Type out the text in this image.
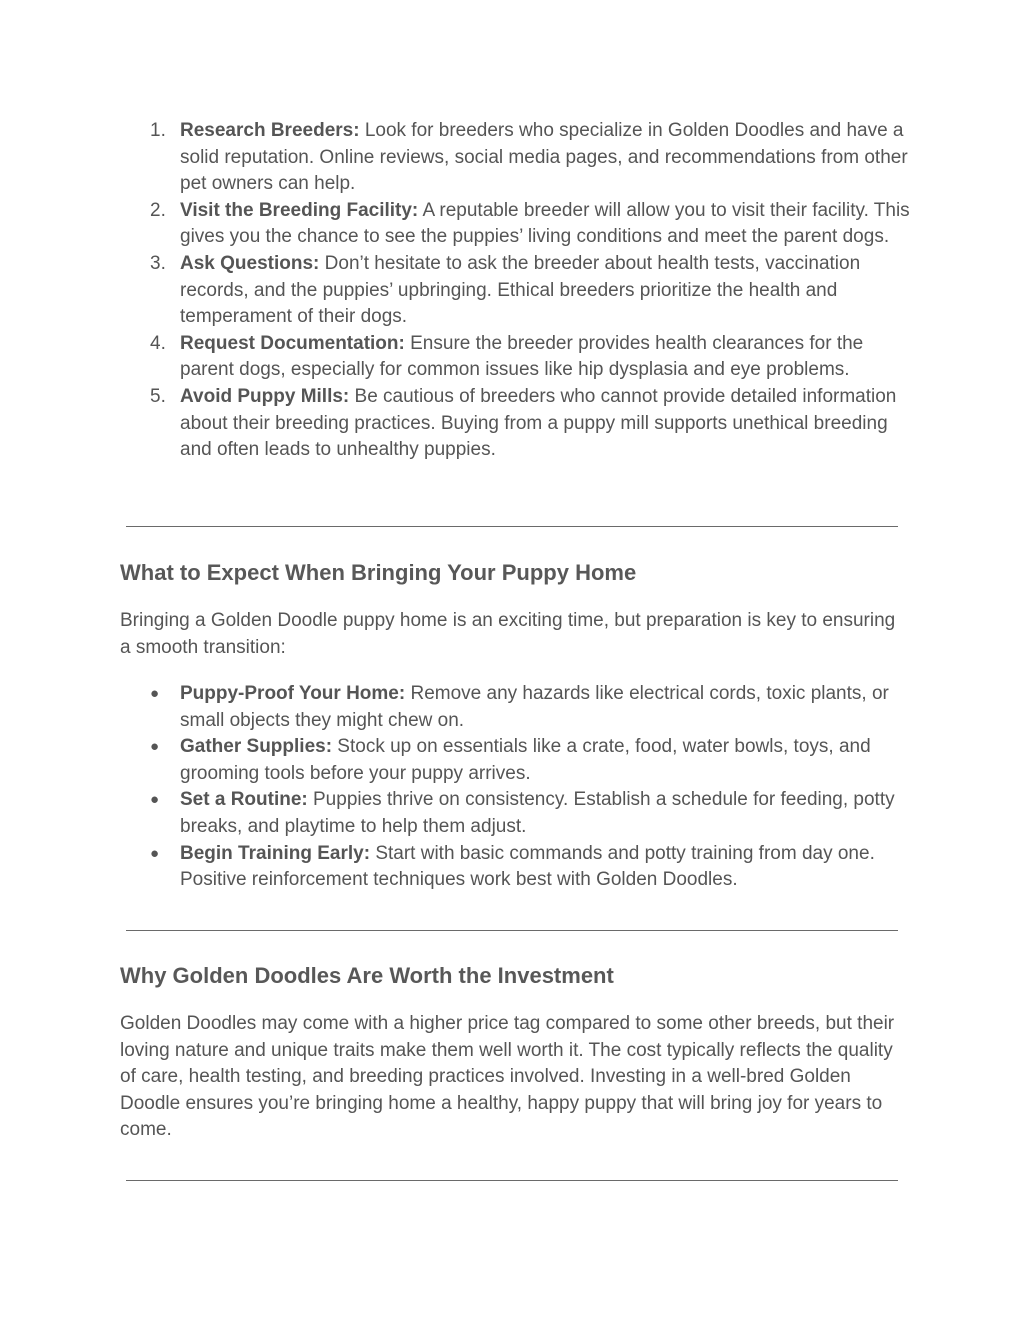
1. Research Breeders: Look for breeders who specialize in Golden Doodles and have a solid reputation. Online reviews, social media pages, and recommendations from other pet owners can help.
2. Visit the Breeding Facility: A reputable breeder will allow you to visit their facility. This gives you the chance to see the puppies’ living conditions and meet the parent dogs.
3. Ask Questions: Don’t hesitate to ask the breeder about health tests, vaccination records, and the puppies’ upbringing. Ethical breeders prioritize the health and temperament of their dogs.
4. Request Documentation: Ensure the breeder provides health clearances for the parent dogs, especially for common issues like hip dysplasia and eye problems.
5. Avoid Puppy Mills: Be cautious of breeders who cannot provide detailed information about their breeding practices. Buying from a puppy mill supports unethical breeding and often leads to unhealthy puppies.
What to Expect When Bringing Your Puppy Home

Bringing a Golden Doodle puppy home is an exciting time, but preparation is key to ensuring a smooth transition:

● Puppy-Proof Your Home: Remove any hazards like electrical cords, toxic plants, or small objects they might chew on.
● Gather Supplies: Stock up on essentials like a crate, food, water bowls, toys, and grooming tools before your puppy arrives.
● Set a Routine: Puppies thrive on consistency. Establish a schedule for feeding, potty breaks, and playtime to help them adjust.
● Begin Training Early: Start with basic commands and potty training from day one. Positive reinforcement techniques work best with Golden Doodles.
Why Golden Doodles Are Worth the Investment

Golden Doodles may come with a higher price tag compared to some other breeds, but their loving nature and unique traits make them well worth it. The cost typically reflects the quality of care, health testing, and breeding practices involved. Investing in a well-bred Golden Doodle ensures you’re bringing home a healthy, happy puppy that will bring joy for years to come.
